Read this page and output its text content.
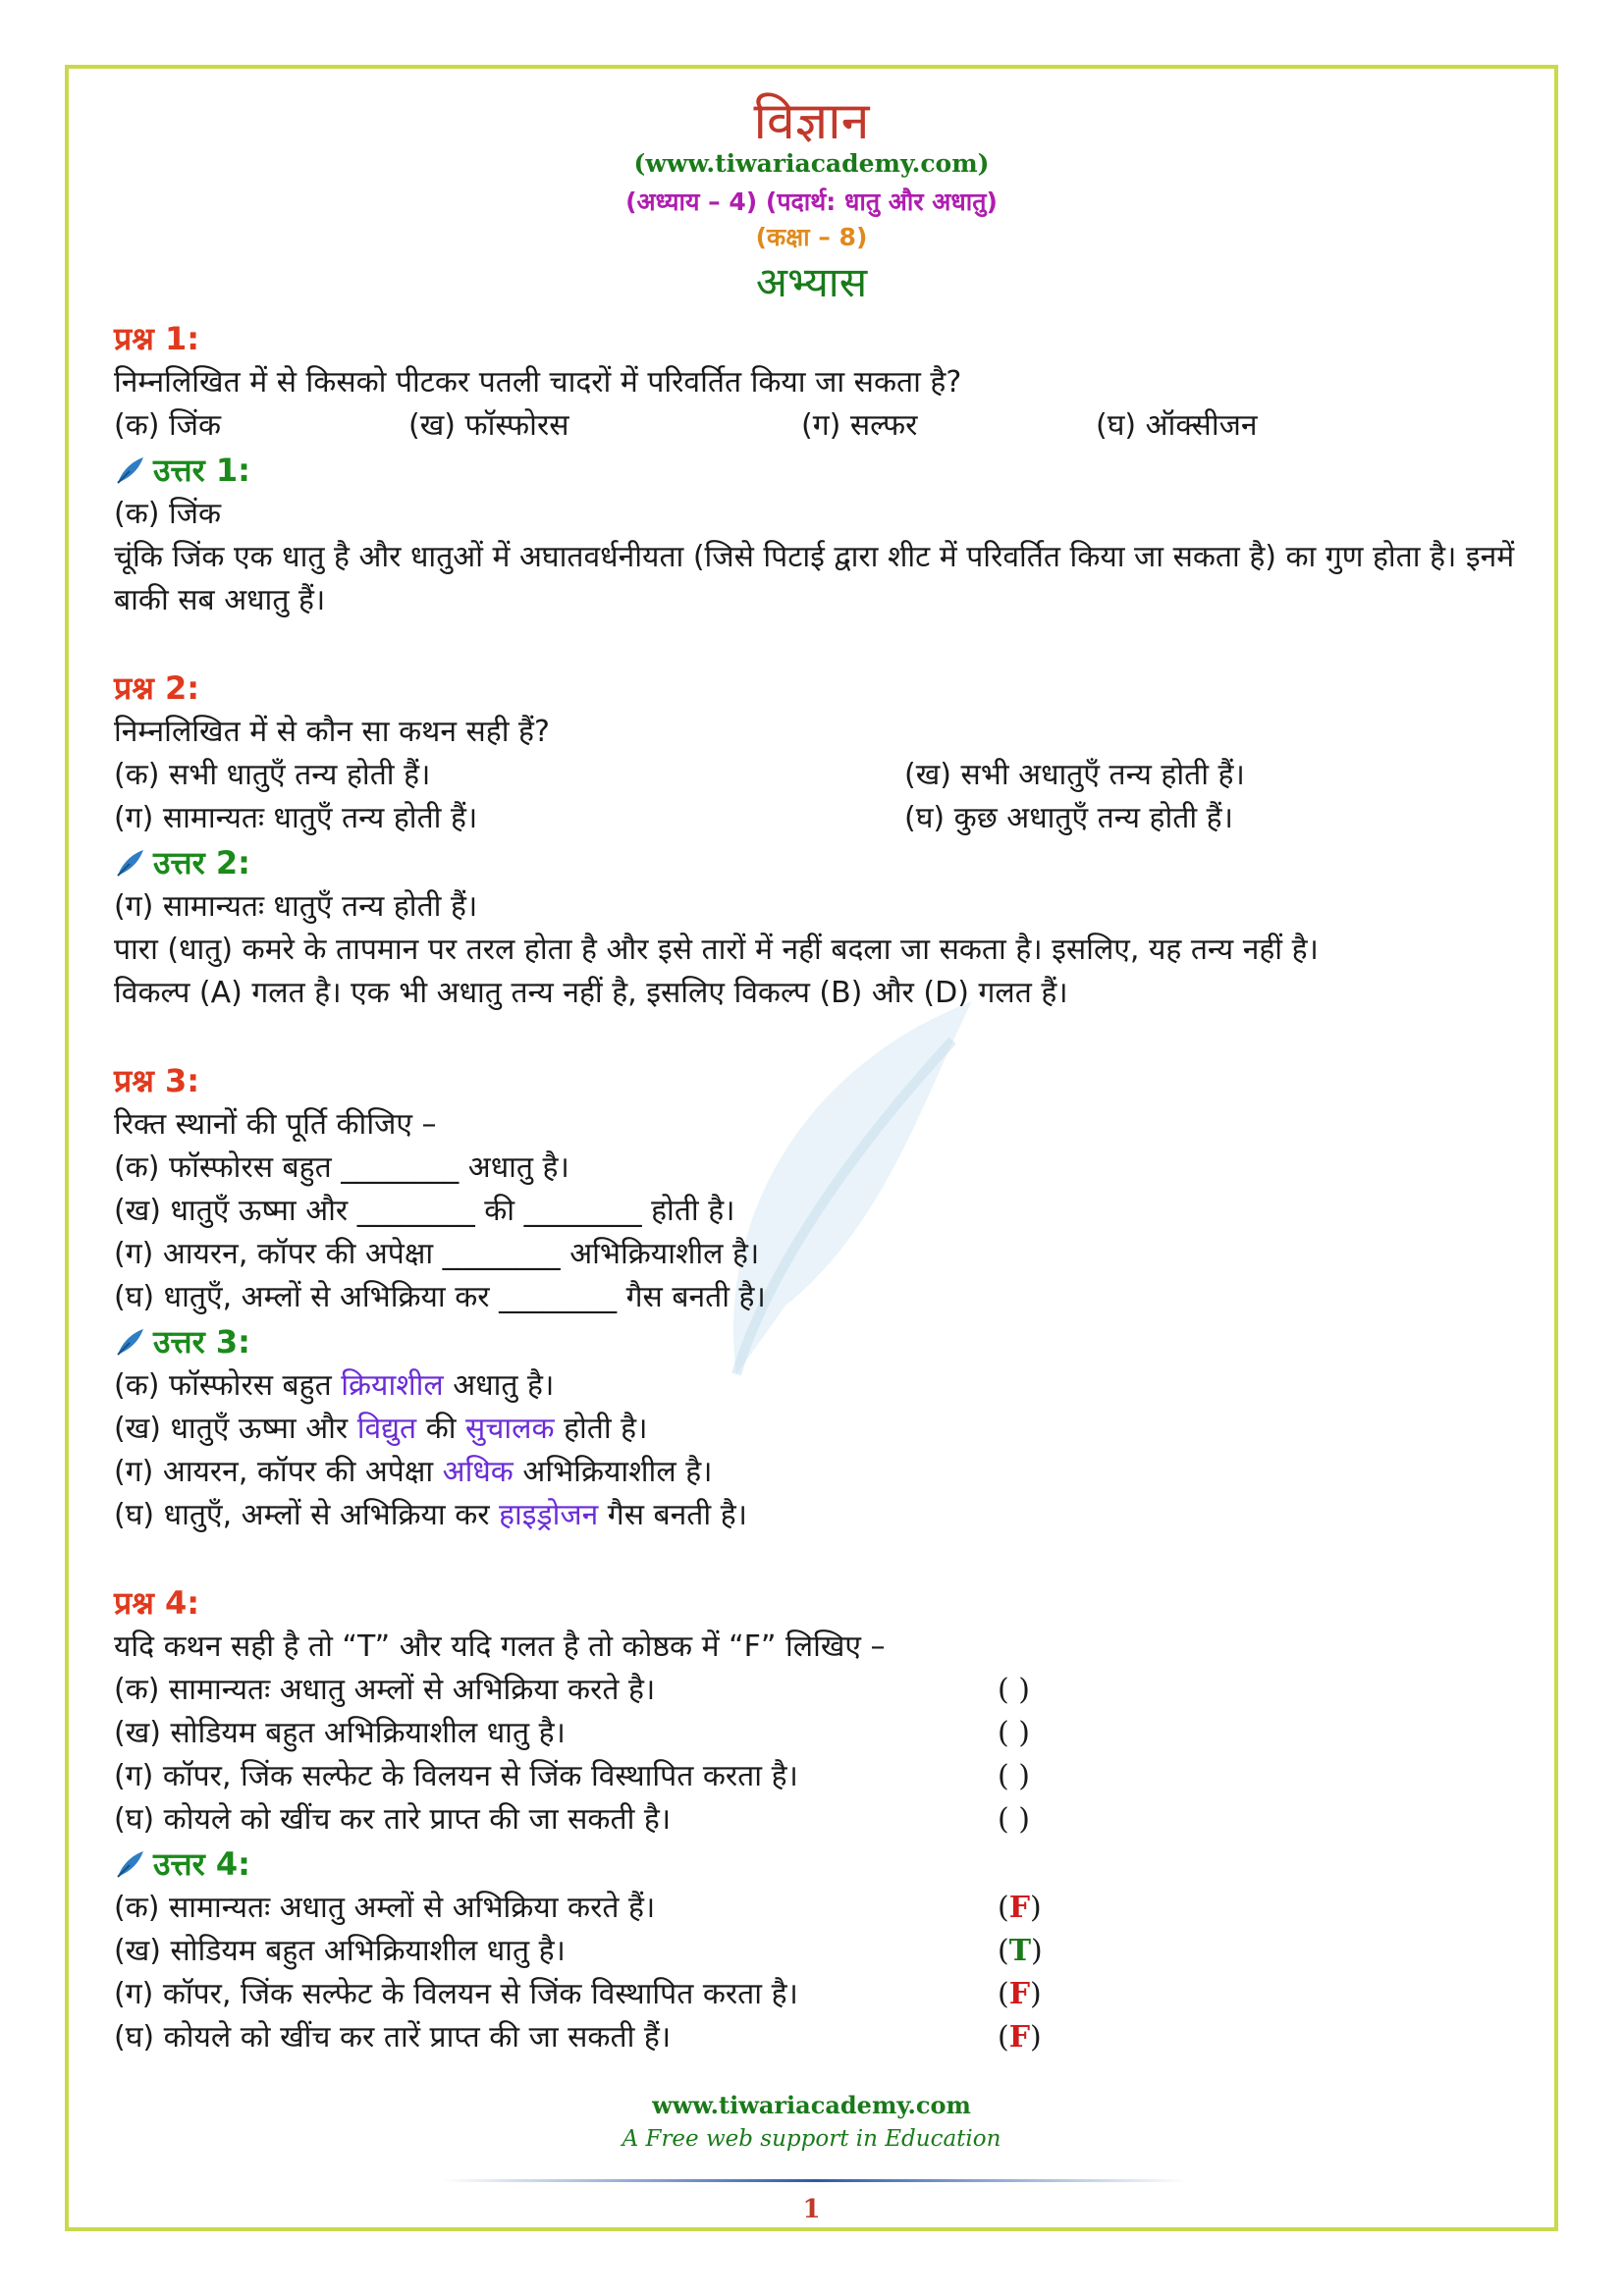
विज्ञान
(www.tiwariacademy.com)
(अध्याय – 4) (पदार्थ: धातु और अधातु)
(कक्षा – 8)
अभ्यास
प्रश्न 1:
निम्नलिखित में से किसको पीटकर पतली चादरों में परिवर्तित किया जा सकता है?
(क) जिंक	(ख) फॉस्फोरस	(ग) सल्फर	(घ) ऑक्सीजन
उत्तर 1:
(क) जिंक
चूंकि जिंक एक धातु है और धातुओं में अघातवर्धनीयता (जिसे पिटाई द्वारा शीट में परिवर्तित किया जा सकता है) का गुण होता है। इनमें बाकी सब अधातु हैं।
प्रश्न 2:
निम्नलिखित में से कौन सा कथन सही हैं?
(क) सभी धातुएँ तन्य होती हैं।	(ख) सभी अधातुएँ तन्य होती हैं।
(ग) सामान्यतः धातुएँ तन्य होती हैं।	(घ) कुछ अधातुएँ तन्य होती हैं।
उत्तर 2:
(ग) सामान्यतः धातुएँ तन्य होती हैं।
पारा (धातु) कमरे के तापमान पर तरल होता है और इसे तारों में नहीं बदला जा सकता है। इसलिए, यह तन्य नहीं है।
विकल्प (A) गलत है। एक भी अधातु तन्य नहीं है, इसलिए विकल्प (B) और (D) गलत हैं।
प्रश्न 3:
रिक्त स्थानों की पूर्ति कीजिए –
(क) फॉस्फोरस बहुत ________ अधातु है।
(ख) धातुएँ ऊष्मा और ________ की ________ होती है।
(ग) आयरन, कॉपर की अपेक्षा ________ अभिक्रियाशील है।
(घ) धातुएँ, अम्लों से अभिक्रिया कर ________ गैस बनती है।
उत्तर 3:
(क) फॉस्फोरस बहुत क्रियाशील अधातु है।
(ख) धातुएँ ऊष्मा और विद्युत की सुचालक होती है।
(ग) आयरन, कॉपर की अपेक्षा अधिक अभिक्रियाशील है।
(घ) धातुएँ, अम्लों से अभिक्रिया कर हाइड्रोजन गैस बनती है।
प्रश्न 4:
यदि कथन सही है तो “T” और यदि गलत है तो कोष्ठक में “F” लिखिए –
(क) सामान्यतः अधातु अम्लों से अभिक्रिया करते है।	( )
(ख) सोडियम बहुत अभिक्रियाशील धातु है।	( )
(ग) कॉपर, जिंक सल्फेट के विलयन से जिंक विस्थापित करता है।	( )
(घ) कोयले को खींच कर तारे प्राप्त की जा सकती है।	( )
उत्तर 4:
(क) सामान्यतः अधातु अम्लों से अभिक्रिया करते हैं।	(F)
(ख) सोडियम बहुत अभिक्रियाशील धातु है।	(T)
(ग) कॉपर, जिंक सल्फेट के विलयन से जिंक विस्थापित करता है।	(F)
(घ) कोयले को खींच कर तारें प्राप्त की जा सकती हैं।	(F)
www.tiwariacademy.com
A Free web support in Education
1
